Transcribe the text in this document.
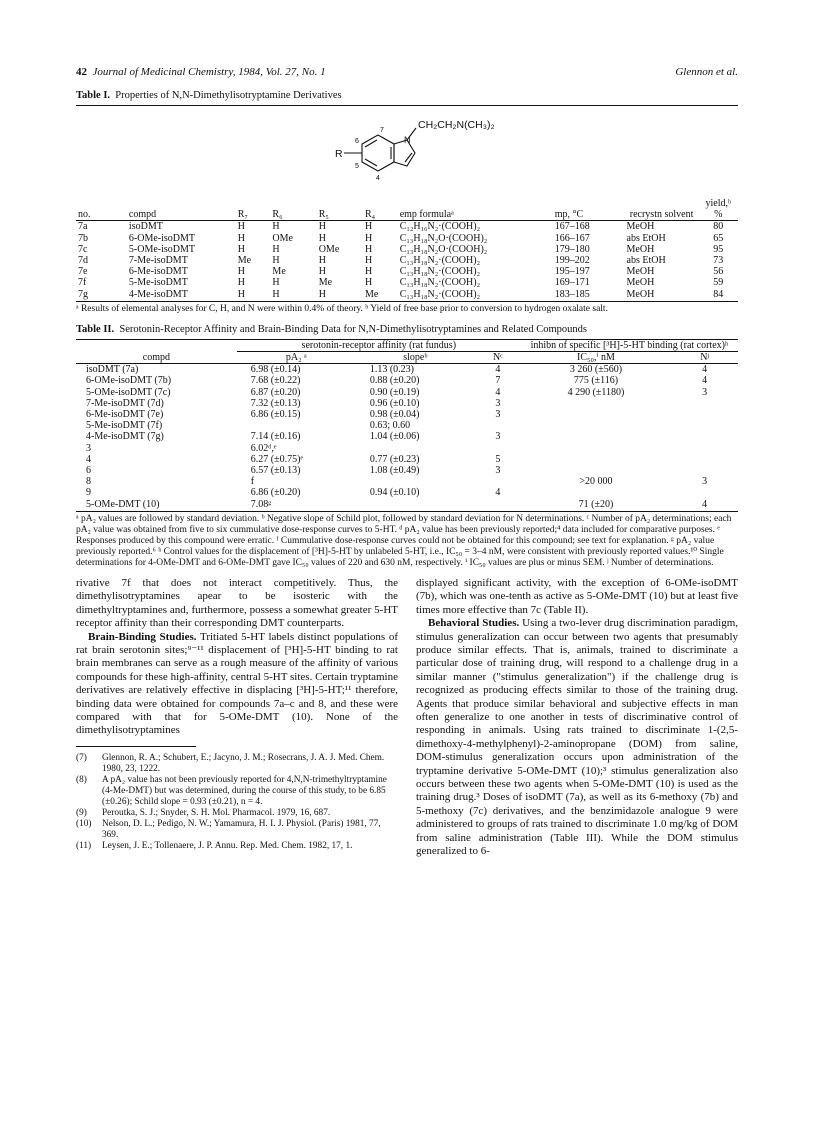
42 Journal of Medicinal Chemistry, 1984, Vol. 27, No. 1	Glennon et al.
Table I. Properties of N,N-Dimethylisotryptamine Derivatives
CH₂CH₂N(CH₃)₂
R
N
7
6
5
4
no.	compd	R₇	R₆	R₅	R₄	emp formulaᵃ	mp, °C	recrystn solvent	yield,ᵇ %
7a	isoDMT	H	H	H	H	C₁₂H₁₆N₂·(COOH)₂	167–168	MeOH	80
7b	6-OMe-isoDMT	H	OMe	H	H	C₁₃H₁₈N₂O·(COOH)₂	166–167	abs EtOH	65
7c	5-OMe-isoDMT	H	H	OMe	H	C₁₃H₁₈N₂O·(COOH)₂	179–180	MeOH	95
7d	7-Me-isoDMT	Me	H	H	H	C₁₃H₁₈N₂·(COOH)₂	199–202	abs EtOH	73
7e	6-Me-isoDMT	H	Me	H	H	C₁₃H₁₈N₂·(COOH)₂	195–197	MeOH	56
7f	5-Me-isoDMT	H	H	Me	H	C₁₃H₁₈N₂·(COOH)₂	169–171	MeOH	59
7g	4-Me-isoDMT	H	H	H	Me	C₁₃H₁₈N₂·(COOH)₂	183–185	MeOH	84
ᵃ Results of elemental analyses for C, H, and N were within 0.4% of theory. ᵇ Yield of free base prior to conversion to hydrogen oxalate salt.
Table II. Serotonin-Receptor Affinity and Brain-Binding Data for N,N-Dimethylisotryptamines and Related Compounds
	serotonin-receptor affinity (rat fundus)			inhibn of specific [³H]-5-HT binding (rat cortex)ʰ	
compd	pA₂ ᵃ	slopeᵇ	Nᶜ	IC₅₀,ⁱ nM	Nʲ
isoDMT (7a)	6.98 (±0.14)	1.13 (0.23)	4	3 260 (±560)	4
6-OMe-isoDMT (7b)	7.68 (±0.22)	0.88 (±0.20)	7	775 (±116)	4
5-OMe-isoDMT (7c)	6.87 (±0.20)	0.90 (±0.19)	4	4 290 (±1180)	3
7-Me-isoDMT (7d)	7.32 (±0.13)	0.96 (±0.10)	3		
6-Me-isoDMT (7e)	6.86 (±0.15)	0.98 (±0.04)	3		
5-Me-isoDMT (7f)		0.63; 0.60			
4-Me-isoDMT (7g)	7.14 (±0.16)	1.04 (±0.06)	3		
3	6.02ᵈ,ᵉ				
4	6.27 (±0.75)ᵉ	0.77 (±0.23)	5		
6	6.57 (±0.13)	1.08 (±0.49)	3		
8	f			>20 000	3
9	6.86 (±0.20)	0.94 (±0.10)	4		
5-OMe-DMT (10)	7.08ᵍ			71 (±20)	4
ᵃ pA₂ values are followed by standard deviation. ᵇ Negative slope of Schild plot, followed by standard deviation for N determinations. ᶜ Number of pA₂ determinations; each pA₂ value was obtained from five to six cummulative dose-response curves to 5-HT. ᵈ pA₂ value has been previously reported;⁴ data included for comparative purposes. ᵉ Responses produced by this compound were erratic. ᶠ Cummulative dose-response curves could not be obtained for this compound; see text for explanation. ᵍ pA₂ value previously reported.⁶ ʰ Control values for the displacement of [³H]-5-HT by unlabeled 5-HT, i.e., IC₅₀ = 3–4 nM, were consistent with previously reported values.¹⁰ Single determinations for 4-OMe-DMT and 6-OMe-DMT gave IC₅₀ values of 220 and 630 nM, respectively. ⁱ IC₅₀ values are plus or minus SEM. ʲ Number of determinations.

rivative 7f that does not interact competitively. Thus, the dimethylisotryptamines apear to be isosteric with the dimethyltryptamines and, furthermore, possess a somewhat greater 5-HT receptor affinity than their corresponding DMT counterparts.

Brain-Binding Studies. Tritiated 5-HT labels distinct populations of rat brain serotonin sites;⁹⁻¹¹ displacement of [³H]-5-HT binding to rat brain membranes can serve as a rough measure of the affinity of various compounds for these high-affinity, central 5-HT sites. Certain tryptamine derivatives are relatively effective in displacing [³H]-5-HT;¹¹ therefore, binding data were obtained for compounds 7a–c and 8, and these were compared with that for 5-OMe-DMT (10). None of the dimethylisotryptamines

(7)	Glennon, R. A.; Schubert, E.; Jacyno, J. M.; Rosecrans, J. A. J. Med. Chem. 1980, 23, 1222.
(8)	A pA₂ value has not been previously reported for 4,N,N-trimethyltryptamine (4-Me-DMT) but was determined, during the course of this study, to be 6.85 (±0.26); Schild slope = 0.93 (±0.21), n = 4.
(9)	Peroutka, S. J.; Snyder, S. H. Mol. Pharmacol. 1979, 16, 687.
(10)	Nelson, D. L.; Pedigo, N. W.; Yamamura, H. I. J. Physiol. (Paris) 1981, 77, 369.
(11)	Leysen, J. E.; Tollenaere, J. P. Annu. Rep. Med. Chem. 1982, 17, 1.

displayed significant activity, with the exception of 6-OMe-isoDMT (7b), which was one-tenth as active as 5-OMe-DMT (10) but at least five times more effective than 7c (Table II).

Behavioral Studies. Using a two-lever drug discrimination paradigm, stimulus generalization can occur between two agents that presumably produce similar effects. That is, animals, trained to discriminate a particular dose of training drug, will respond to a challenge drug in a similar manner ("stimulus generalization") if the challenge drug is recognized as producing effects similar to those of the training drug. Agents that produce similar behavioral and subjective effects in man often generalize to one another in tests of discriminative control of responding in animals. Using rats trained to discriminate 1-(2,5-dimethoxy-4-methylphenyl)-2-aminopropane (DOM) from saline, DOM-stimulus generalization occurs upon administration of the tryptamine derivative 5-OMe-DMT (10);³ stimulus generalization also occurs between these two agents when 5-OMe-DMT (10) is used as the training drug.³ Doses of isoDMT (7a), as well as its 6-methoxy (7b) and 5-methoxy (7c) derivatives, and the benzimidazole analogue 9 were administered to groups of rats trained to discriminate 1.0 mg/kg of DOM from saline administration (Table III). While the DOM stimulus generalized to 6-
